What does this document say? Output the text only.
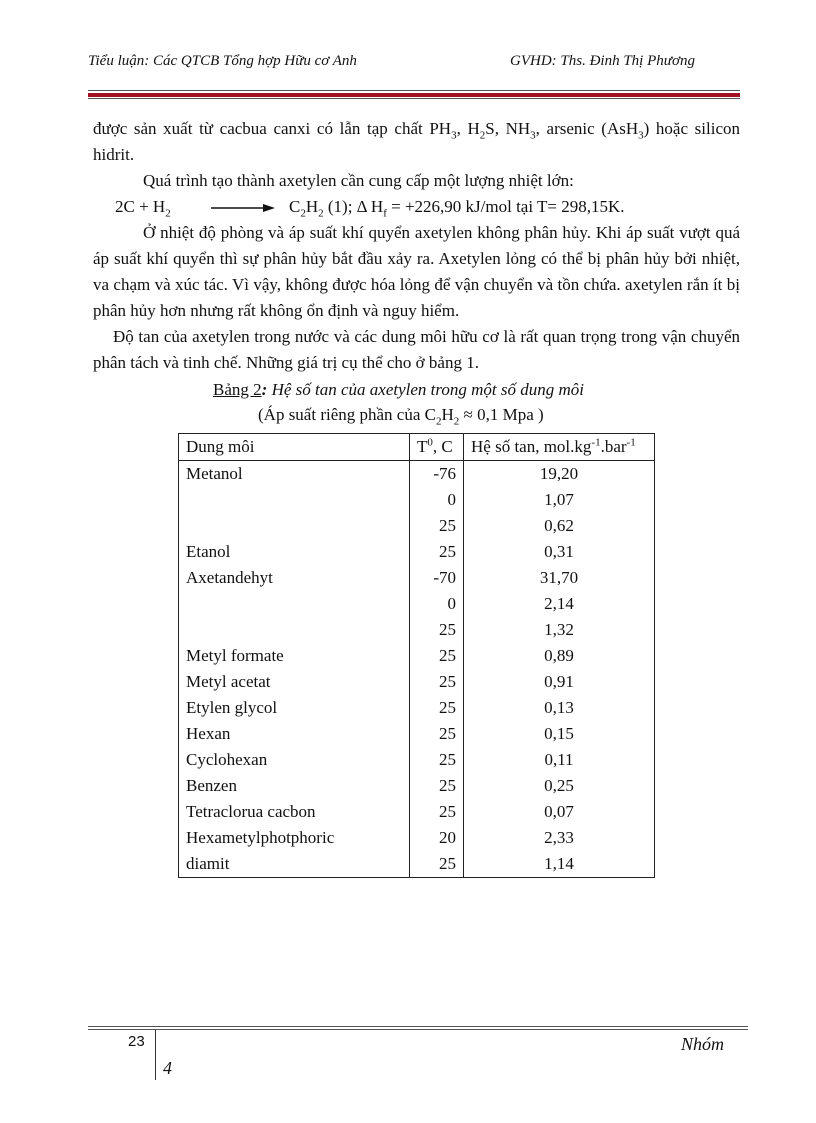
Tiểu luận: Các QTCB Tổng hợp Hữu cơ Anh	GVHD: Ths. Đinh Thị Phương

được sản xuất từ cacbua canxi có lẫn tạp chất $PH_3$, $H_2S$, $NH_3$, arsenic (AsH$_3$) hoặc silicon hidrit.

Quá trình tạo thành axetylen cần cung cấp một lượng nhiệt lớn:

$2C + H_2 \to C_2H_2$ (1); Δ $H_f = +226,90$ kJ/mol tại T= 298,15K.

Ở nhiệt độ phòng và áp suất khí quyển axetylen không phân hủy. Khi áp suất vượt quá áp suất khí quyển thì sự phân hủy bắt đầu xảy ra. Axetylen lỏng có thể bị phân hủy bởi nhiệt, va chạm và xúc tác. Vì vậy, không được hóa lỏng để vận chuyển và tồn chứa. axetylen rắn ít bị phân hủy hơn nhưng rất không ổn định và nguy hiểm.

Độ tan của axetylen trong nước và các dung môi hữu cơ là rất quan trọng trong vận chuyển phân tách và tinh chế. Những giá trị cụ thể cho ở bảng 1.

Bảng 2: Hệ số tan của axetylen trong một số dung môi
(Áp suất riêng phần của $C_2H_2 \approx 0,1$ Mpa )
Dung môi	$T^0$, C	Hệ số tan, $mol.kg^{-1}.bar^{-1}$
Metanol	-76	19,20
	0	1,07
	25	0,62
Etanol	25	0,31
Axetandehyt	-70	31,70
	0	2,14
	25	1,32
Metyl formate	25	0,89
Metyl acetat	25	0,91
Etylen glycol	25	0,13
Hexan	25	0,15
Cyclohexan	25	0,11
Benzen	25	0,25
Tetraclorua cacbon	25	0,07
Hexametylphotphoric	20	2,33
diamit	25	1,14
23	Nhóm
4
